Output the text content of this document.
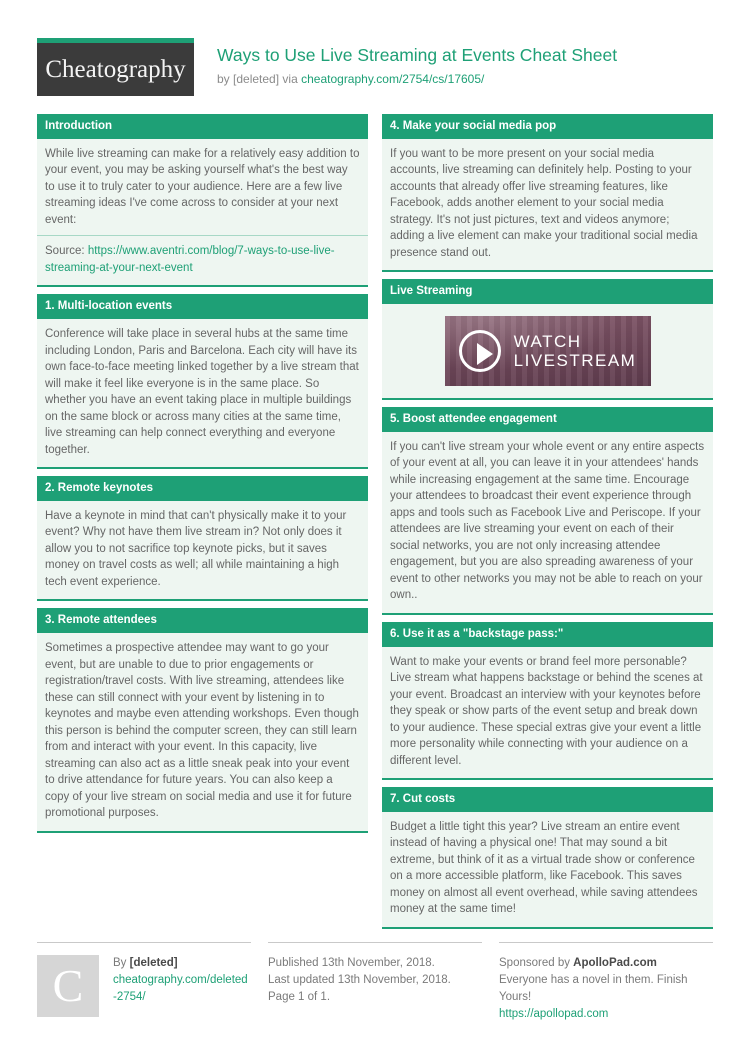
Cheatography
Ways to Use Live Streaming at Events Cheat Sheet
by [deleted] via cheatography.com/2754/cs/17605/
Introduction

While live streaming can make for a relatively easy addition to your event, you may be asking yourself what's the best way to use it to truly cater to your audience. Here are a few live streaming ideas I've come across to consider at your next event:

Source: https://www.aventri.com/blog/7-ways-to-use-live-streaming-at-your-next-event

1. Multi-location events

Conference will take place in several hubs at the same time including London, Paris and Barcelona. Each city will have its own face-to-face meeting linked together by a live stream that will make it feel like everyone is in the same place. So whether you have an event taking place in multiple buildings on the same block or across many cities at the same time, live streaming can help connect everything and everyone together.

2. Remote keynotes

Have a keynote in mind that can't physically make it to your event? Why not have them live stream in? Not only does it allow you to not sacrifice top keynote picks, but it saves money on travel costs as well; all while maintaining a high tech event experience.

3. Remote attendees

Sometimes a prospective attendee may want to go your event, but are unable to due to prior engagements or registration/travel costs. With live streaming, attendees like these can still connect with your event by listening in to keynotes and maybe even attending workshops. Even though this person is behind the computer screen, they can still learn from and interact with your event. In this capacity, live streaming can also act as a little sneak peak into your event to drive attendance for future years. You can also keep a copy of your live stream on social media and use it for future promotional purposes.

4. Make your social media pop

If you want to be more present on your social media accounts, live streaming can definitely help. Posting to your accounts that already offer live streaming features, like Facebook, adds another element to your social media strategy. It's not just pictures, text and videos anymore; adding a live element can make your traditional social media presence stand out.

Live Streaming
WATCH
LIVESTREAM
5. Boost attendee engagement

If you can't live stream your whole event or any entire aspects of your event at all, you can leave it in your attendees' hands while increasing engagement at the same time. Encourage your attendees to broadcast their event experience through apps and tools such as Facebook Live and Periscope. If your attendees are live streaming your event on each of their social networks, you are not only increasing attendee engagement, but you are also spreading awareness of your event to other networks you may not be able to reach on your own..

6. Use it as a "backstage pass:"

Want to make your events or brand feel more personable? Live stream what happens backstage or behind the scenes at your event. Broadcast an interview with your keynotes before they speak or show parts of the event setup and break down to your audience. These special extras give your event a little more personality while connecting with your audience on a different level.

7. Cut costs

Budget a little tight this year? Live stream an entire event instead of having a physical one! That may sound a bit extreme, but think of it as a virtual trade show or conference on a more accessible platform, like Facebook. This saves money on almost all event overhead, while saving attendees money at the same time!

C	By [deleted]
cheatography.com/deleted-2754/
Published 13th November, 2018.
Last updated 13th November, 2018.
Page 1 of 1.
Sponsored by ApolloPad.com
Everyone has a novel in them. Finish Yours!
https://apollopad.com
